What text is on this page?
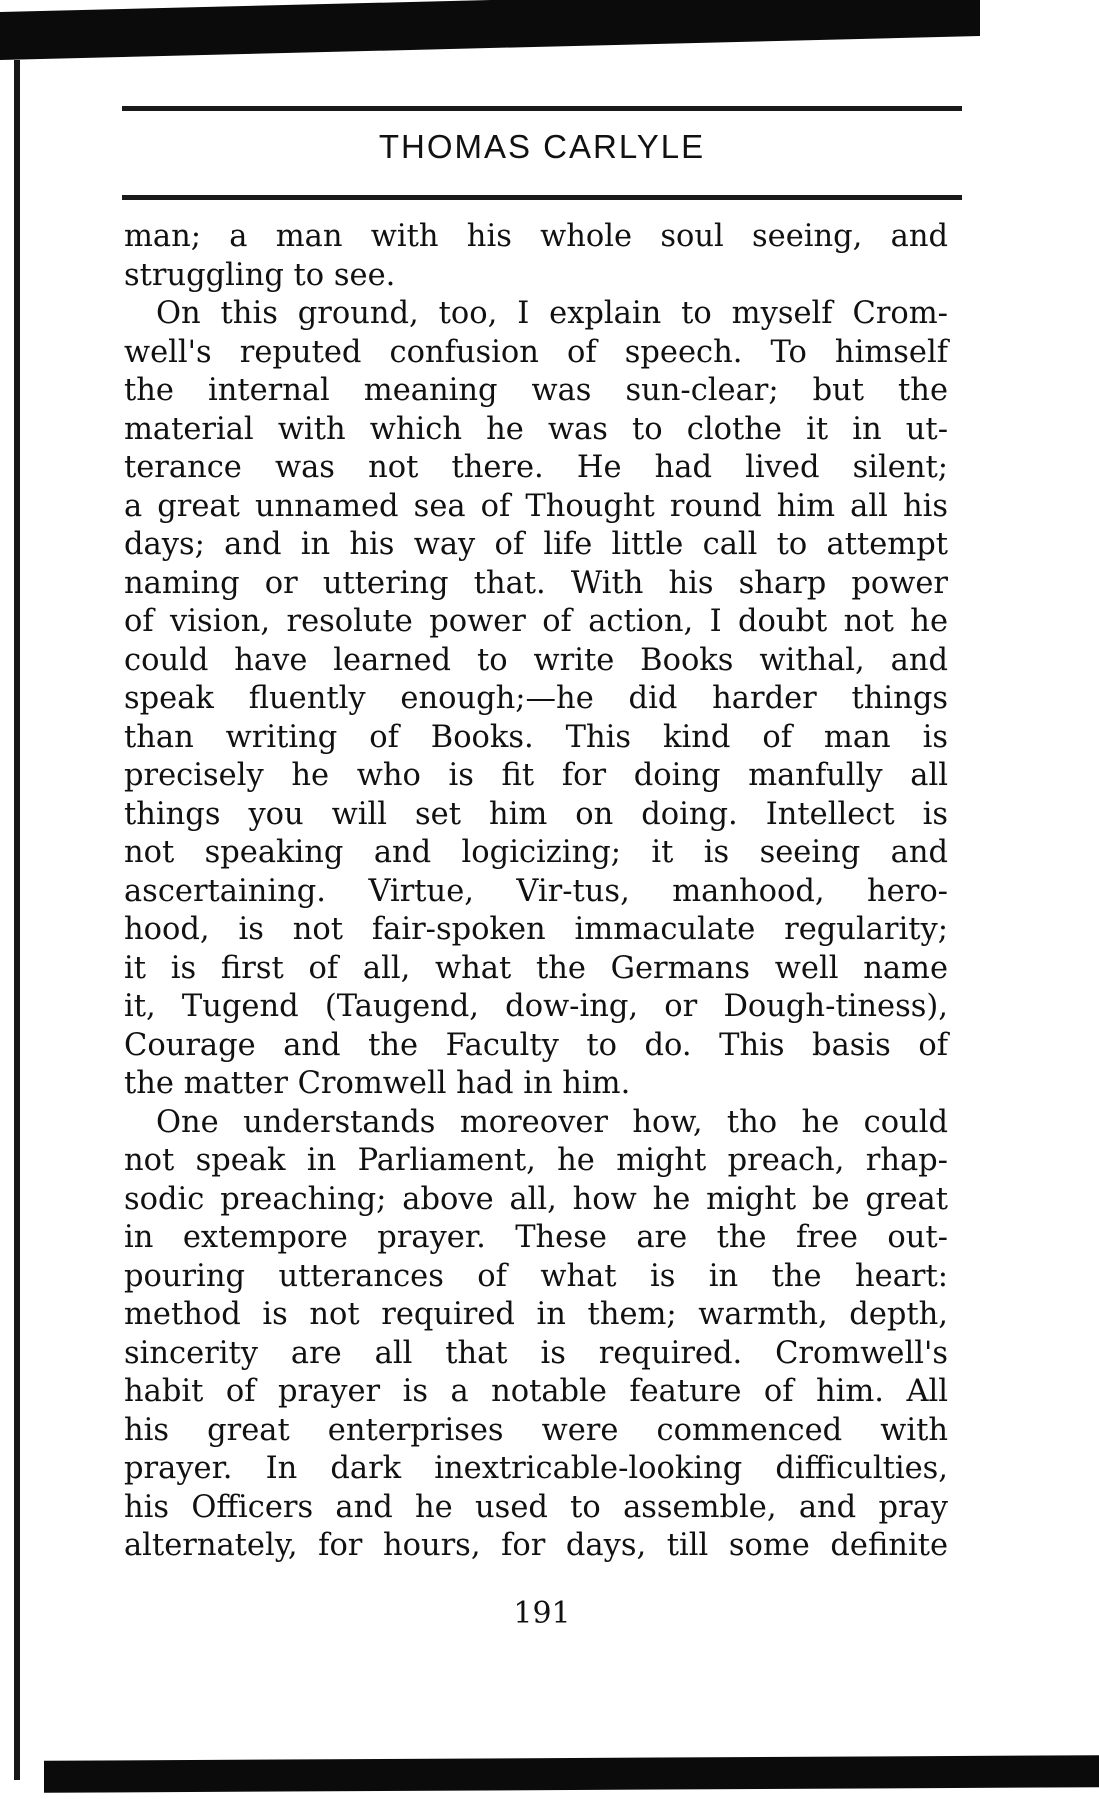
THOMAS CARLYLE
man; a man with his whole soul seeing, and
struggling to see.
On this ground, too, I explain to myself Crom-
well's reputed confusion of speech. To himself
the internal meaning was sun-clear; but the
material with which he was to clothe it in ut-
terance was not there. He had lived silent;
a great unnamed sea of Thought round him all his
days; and in his way of life little call to attempt
naming or uttering that. With his sharp power
of vision, resolute power of action, I doubt not he
could have learned to write Books withal, and
speak fluently enough;—he did harder things
than writing of Books. This kind of man is
precisely he who is fit for doing manfully all
things you will set him on doing. Intellect is
not speaking and logicizing; it is seeing and
ascertaining. Virtue, Vir-tus, manhood, hero-
hood, is not fair-spoken immaculate regularity;
it is first of all, what the Germans well name
it, Tugend (Taugend, dow-ing, or Dough-tiness),
Courage and the Faculty to do. This basis of
the matter Cromwell had in him.
One understands moreover how, tho he could
not speak in Parliament, he might preach, rhap-
sodic preaching; above all, how he might be great
in extempore prayer. These are the free out-
pouring utterances of what is in the heart:
method is not required in them; warmth, depth,
sincerity are all that is required. Cromwell's
habit of prayer is a notable feature of him. All
his great enterprises were commenced with
prayer. In dark inextricable-looking difficulties,
his Officers and he used to assemble, and pray
alternately, for hours, for days, till some definite

191
